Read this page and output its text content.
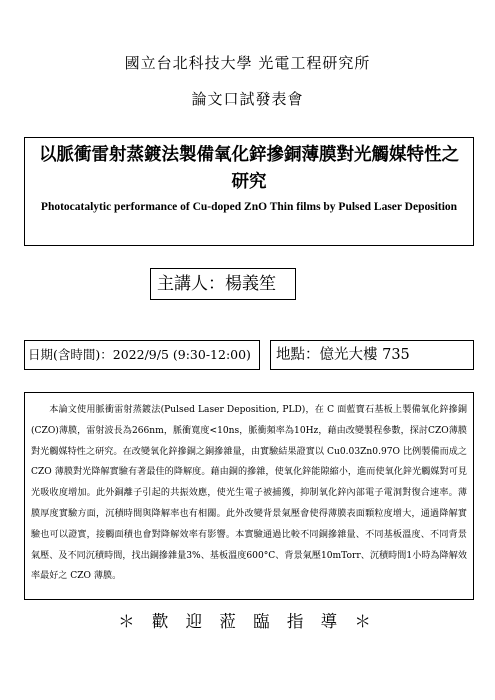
國立台北科技大學 光電工程研究所
論文口試發表會
以脈衝雷射蒸鍍法製備氧化鋅摻銅薄膜對光觸媒特性之研究
Photocatalytic performance of Cu-doped ZnO Thin films by Pulsed Laser Deposition
主講人：楊義笙
日期(含時間)：2022/9/5 (9:30-12:00)	地點：億光大樓 735

本論文使用脈衝雷射蒸鍍法(Pulsed Laser Deposition, PLD)，在 C 面藍寶石基板上製備氧化鋅摻銅(CZO)薄膜，雷射波長為266nm，脈衝寬度<10ns，脈衝頻率為10Hz，藉由改變製程參數，探討CZO薄膜對光觸媒特性之研究。在改變氧化鋅摻銅之銅摻雜量，由實驗結果證實以 Cu0.03Zn0.97O 比例製備而成之CZO 薄膜對光降解實驗有著最佳的降解度。藉由銅的摻雜，使氧化鋅能隙縮小，進而使氧化鋅光觸媒對可見光吸收度增加。此外銅離子引起的共振效應，使光生電子被捕獲，抑制氧化鋅內部電子電洞對復合速率。薄膜厚度實驗方面，沉積時間與降解率也有相關。此外改變背景氣壓會使得薄膜表面顆粒度增大，通過降解實驗也可以證實，接觸面積也會對降解效率有影響。本實驗通過比較不同銅摻雜量、不同基板溫度、不同背景氣壓、及不同沉積時間，找出銅摻雜量3%、基板溫度600°C、背景氣壓10mTorr、沉積時間1小時為降解效率最好之 CZO 薄膜。

＊ 歡 迎 蒞 臨 指 導 ＊
